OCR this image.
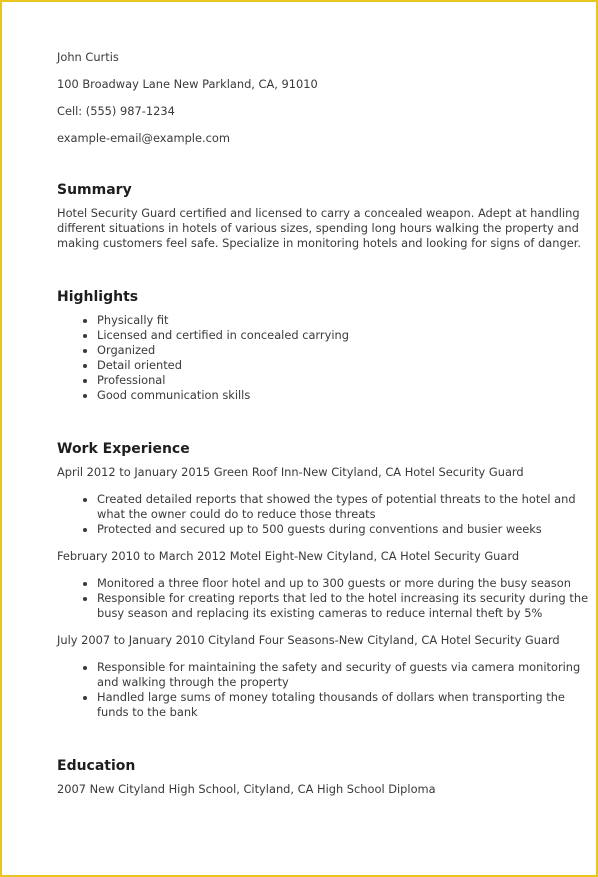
John Curtis
100 Broadway Lane New Parkland, CA, 91010
Cell: (555) 987-1234
example-email@example.com
Summary

Hotel Security Guard certified and licensed to carry a concealed weapon. Adept at handling different situations in hotels of various sizes, spending long hours walking the property and making customers feel safe. Specialize in monitoring hotels and looking for signs of danger.

Highlights
• Physically fit
• Licensed and certified in concealed carrying
• Organized
• Detail oriented
• Professional
• Good communication skills
Work Experience
April 2012 to January 2015 Green Roof Inn-New Cityland, CA Hotel Security Guard
• Created detailed reports that showed the types of potential threats to the hotel and what the owner could do to reduce those threats
• Protected and secured up to 500 guests during conventions and busier weeks
February 2010 to March 2012 Motel Eight-New Cityland, CA Hotel Security Guard
• Monitored a three floor hotel and up to 300 guests or more during the busy season
• Responsible for creating reports that led to the hotel increasing its security during the busy season and replacing its existing cameras to reduce internal theft by 5%
July 2007 to January 2010 Cityland Four Seasons-New Cityland, CA Hotel Security Guard
• Responsible for maintaining the safety and security of guests via camera monitoring and walking through the property
• Handled large sums of money totaling thousands of dollars when transporting the funds to the bank
Education
2007 New Cityland High School, Cityland, CA High School Diploma
